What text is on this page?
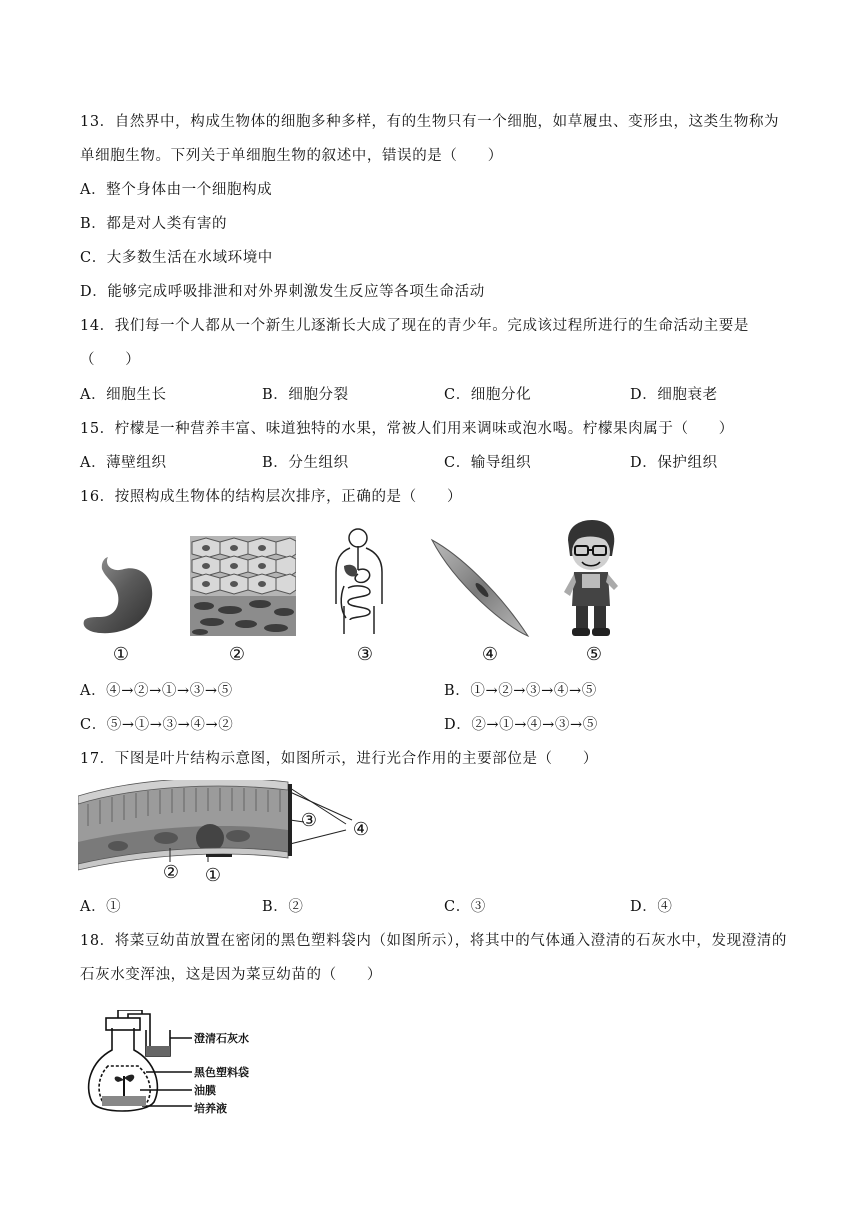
13．自然界中，构成生物体的细胞多种多样，有的生物只有一个细胞，如草履虫、变形虫，这类生物称为
单细胞生物。下列关于单细胞生物的叙述中，错误的是（　　）
A．整个身体由一个细胞构成
B．都是对人类有害的
C．大多数生活在水域环境中
D．能够完成呼吸排泄和对外界刺激发生反应等各项生命活动
14．我们每一个人都从一个新生儿逐渐长大成了现在的青少年。完成该过程所进行的生命活动主要是
（　　）
A．细胞生长	B．细胞分裂	C．细胞分化	D．细胞衰老
15．柠檬是一种营养丰富、味道独特的水果，常被人们用来调味或泡水喝。柠檬果肉属于（　　）
A．薄壁组织	B．分生组织	C．输导组织	D．保护组织
16．按照构成生物体的结构层次排序，正确的是（　　）
①	②	③	④	⑤
A．④→②→①→③→⑤	B．①→②→③→④→⑤
C．⑤→①→③→④→②	D．②→①→④→③→⑤
17．下图是叶片结构示意图，如图所示，进行光合作用的主要部位是（　　）
③	④
②	①
A．①	B．②	C．③	D．④
18．将菜豆幼苗放置在密闭的黑色塑料袋内（如图所示），将其中的气体通入澄清的石灰水中，发现澄清的
石灰水变浑浊，这是因为菜豆幼苗的（　　）
澄清石灰水
黑色塑料袋
油膜
培养液
